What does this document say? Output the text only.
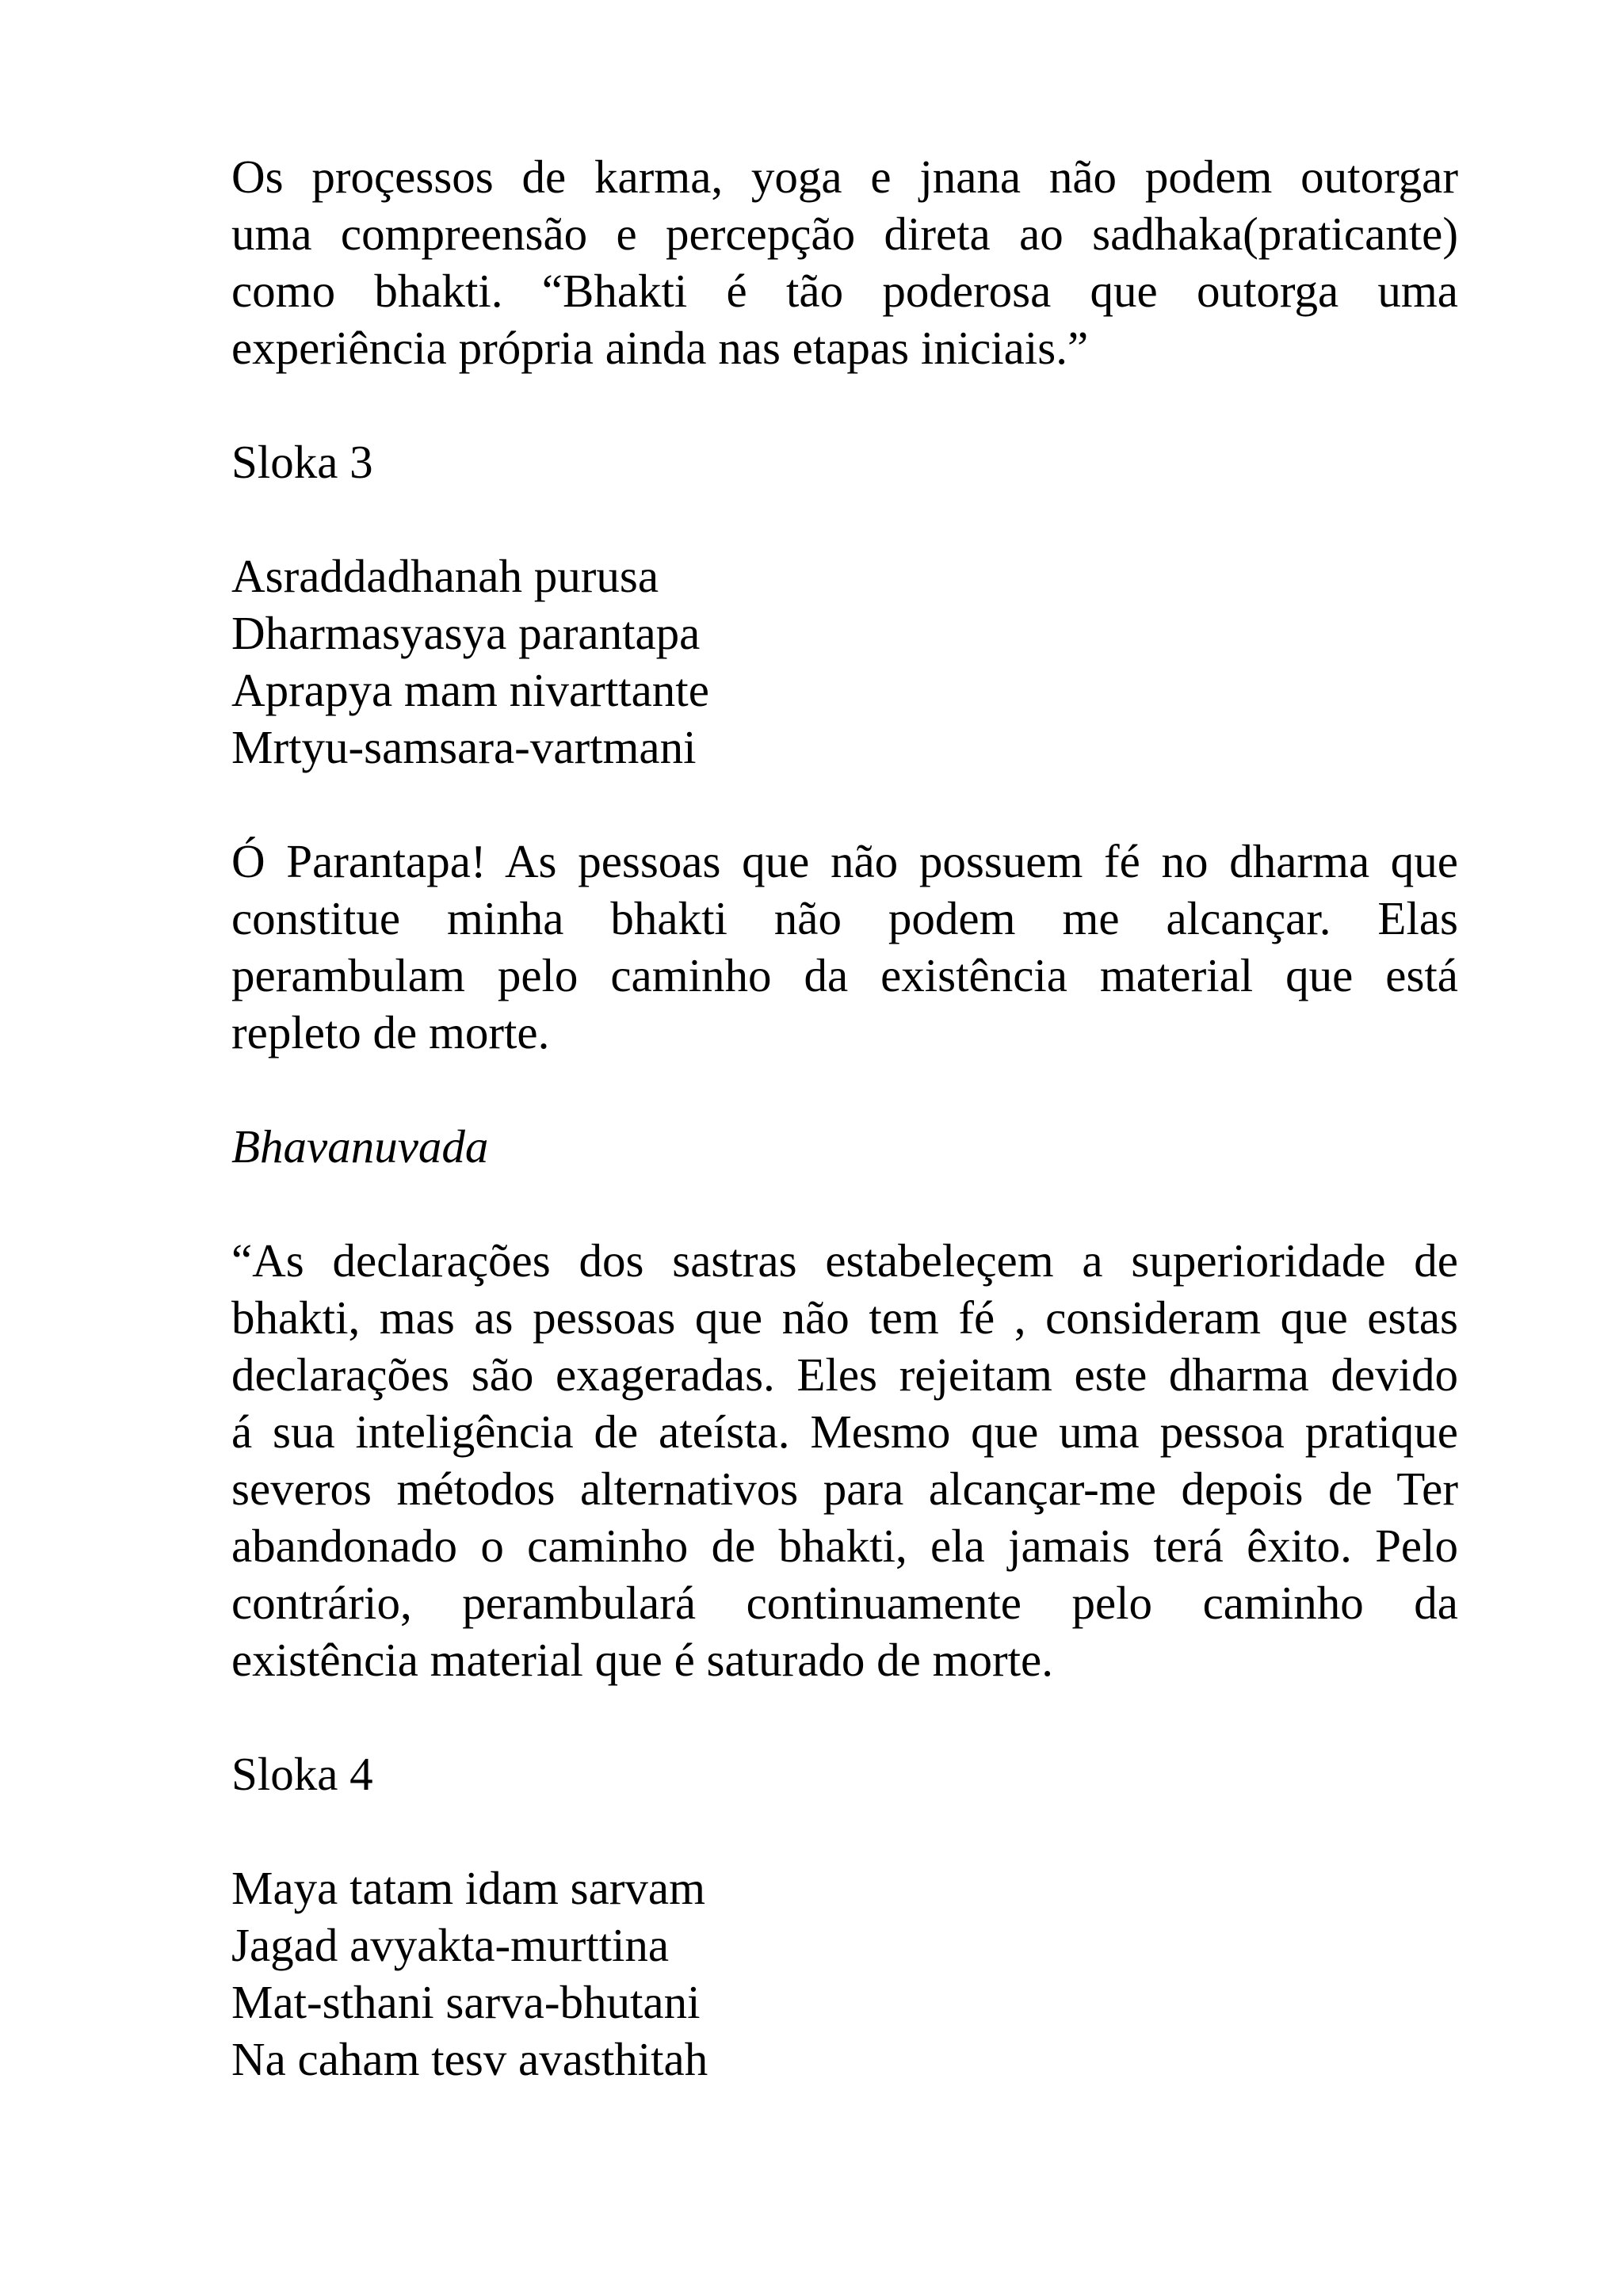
Os proçessos de karma, yoga e jnana não podem outorgar
uma compreensão e percepção direta ao sadhaka(praticante)
como bhakti. “Bhakti é tão poderosa que outorga uma
experiência própria ainda nas etapas iniciais.”

Sloka 3

Asraddadhanah purusa
Dharmasyasya parantapa
Aprapya mam nivarttante
Mrtyu-samsara-vartmani

Ó Parantapa! As pessoas que não possuem fé no dharma que
constitue minha bhakti não podem me alcançar. Elas
perambulam pelo caminho da existência material que está
repleto de morte.

Bhavanuvada

“As declarações dos sastras estabeleçem a superioridade de
bhakti, mas as pessoas que não tem fé , consideram que estas
declarações são exageradas. Eles rejeitam este dharma devido
á sua inteligência de ateísta. Mesmo que uma pessoa pratique
severos métodos alternativos para alcançar-me depois de Ter
abandonado o caminho de bhakti, ela jamais terá êxito. Pelo
contrário, perambulará continuamente pelo caminho da
existência material que é saturado de morte.

Sloka 4

Maya tatam idam sarvam
Jagad avyakta-murttina
Mat-sthani sarva-bhutani
Na caham tesv avasthitah
